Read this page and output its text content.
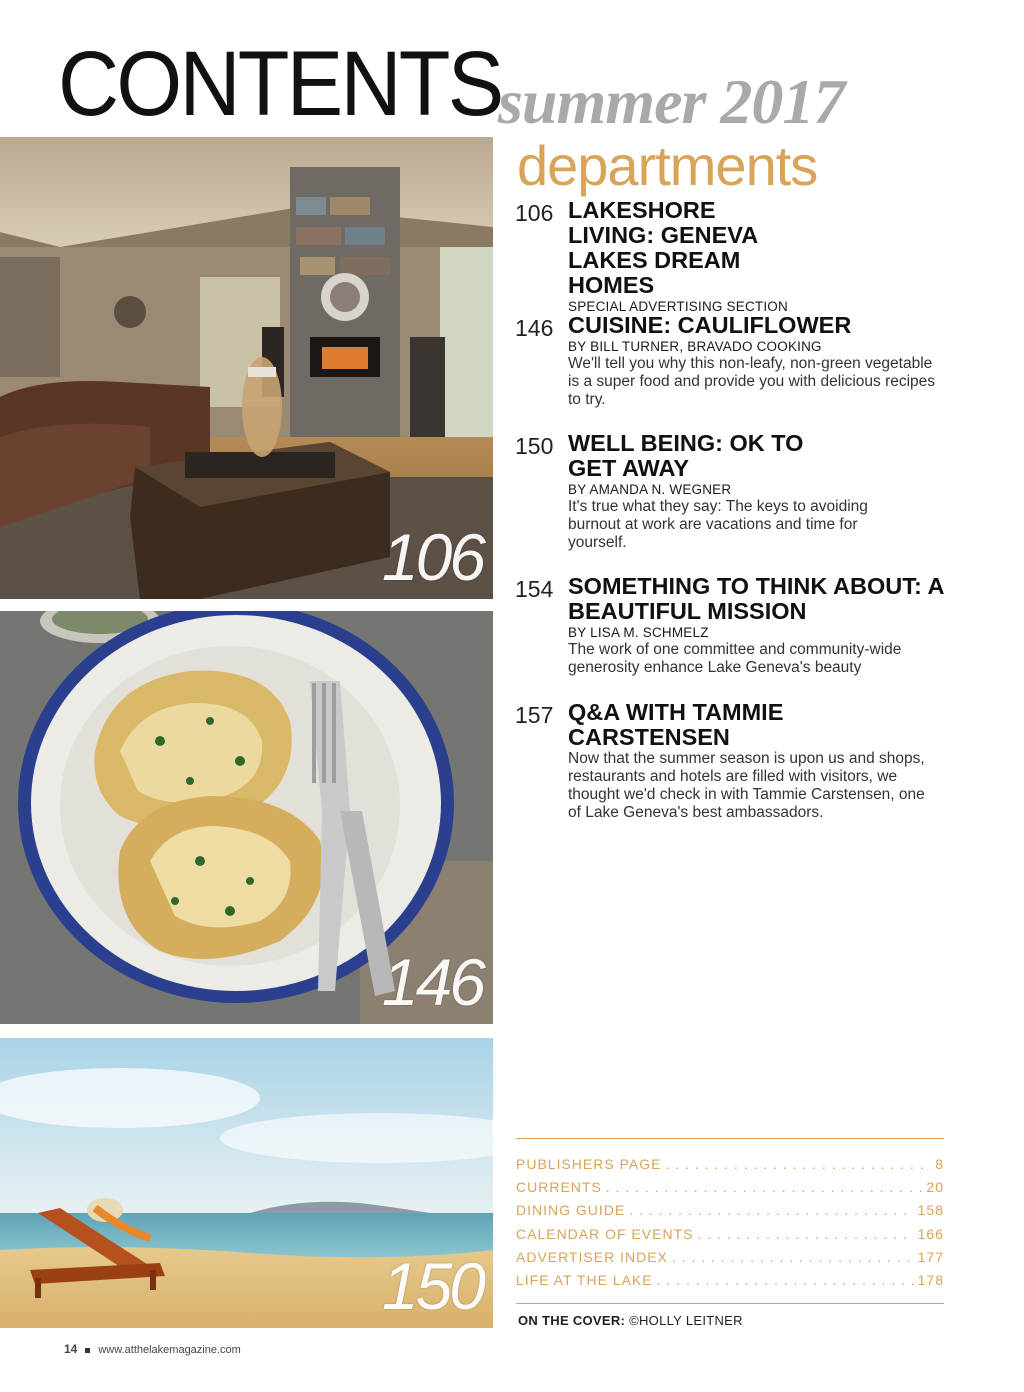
CONTENTS
summer 2017
106
146
150
departments
106 LAKESHORE LIVING: GENEVA LAKES DREAM HOMES
SPECIAL ADVERTISING SECTION
146 CUISINE: CAULIFLOWER
BY BILL TURNER, BRAVADO COOKING
We'll tell you why this non-leafy, non-green vegetable is a super food and provide you with delicious recipes to try.
150 WELL BEING: OK TO GET AWAY
BY AMANDA N. WEGNER
It's true what they say: The keys to avoiding burnout at work are vacations and time for yourself.
154 SOMETHING TO THINK ABOUT: A BEAUTIFUL MISSION
BY LISA M. SCHMELZ
The work of one committee and community-wide generosity enhance Lake Geneva's beauty
157 Q&A WITH TAMMIE CARSTENSEN
Now that the summer season is upon us and shops, restaurants and hotels are filled with visitors, we thought we'd check in with Tammie Carstensen, one of Lake Geneva's best ambassadors.
PUBLISHERS PAGE . . .	8
CURRENTS . . .	20
DINING GUIDE . . .	158
CALENDAR OF EVENTS . . .	166
ADVERTISER INDEX . . .	177
LIFE AT THE LAKE . . .	178
ON THE COVER: ©HOLLY LEITNER
14 www.atthelakemagazine.com
